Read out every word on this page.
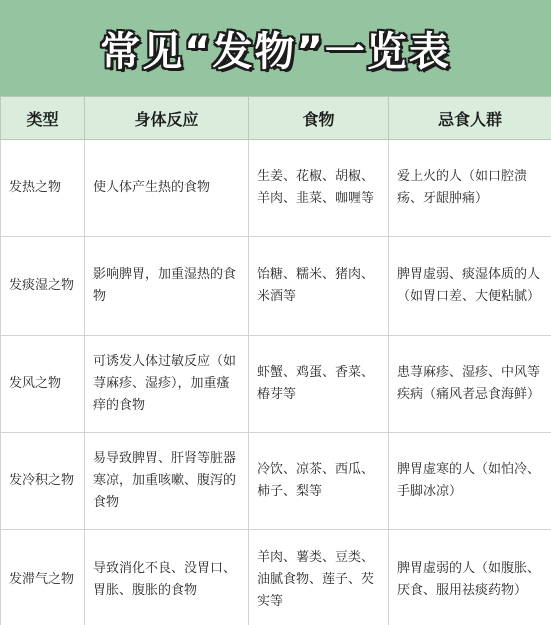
常见“发物”一览表
类型	身体反应	食物	忌食人群
发热之物	使人体产生热的食物	生姜、花椒、胡椒、羊肉、韭菜、咖喱等	爱上火的人（如口腔溃疡、牙龈肿痛）
发痰湿之物	影响脾胃，加重湿热的食物	饴糖、糯米、猪肉、米酒等	脾胃虚弱、痰湿体质的人（如胃口差、大便粘腻）
发风之物	可诱发人体过敏反应（如荨麻疹、湿疹），加重瘙痒的食物	虾蟹、鸡蛋、香菜、椿芽等	患荨麻疹、湿疹、中风等疾病（痛风者忌食海鲜）
发冷积之物	易导致脾胃、肝肾等脏器寒凉，加重咳嗽、腹泻的食物	冷饮、凉茶、西瓜、柿子、梨等	脾胃虚寒的人（如怕冷、手脚冰凉）
发滞气之物	导致消化不良、没胃口、胃胀、腹胀的食物	羊肉、薯类、豆类、油腻食物、莲子、芡实等	脾胃虚弱的人（如腹胀、厌食、服用祛痰药物）
